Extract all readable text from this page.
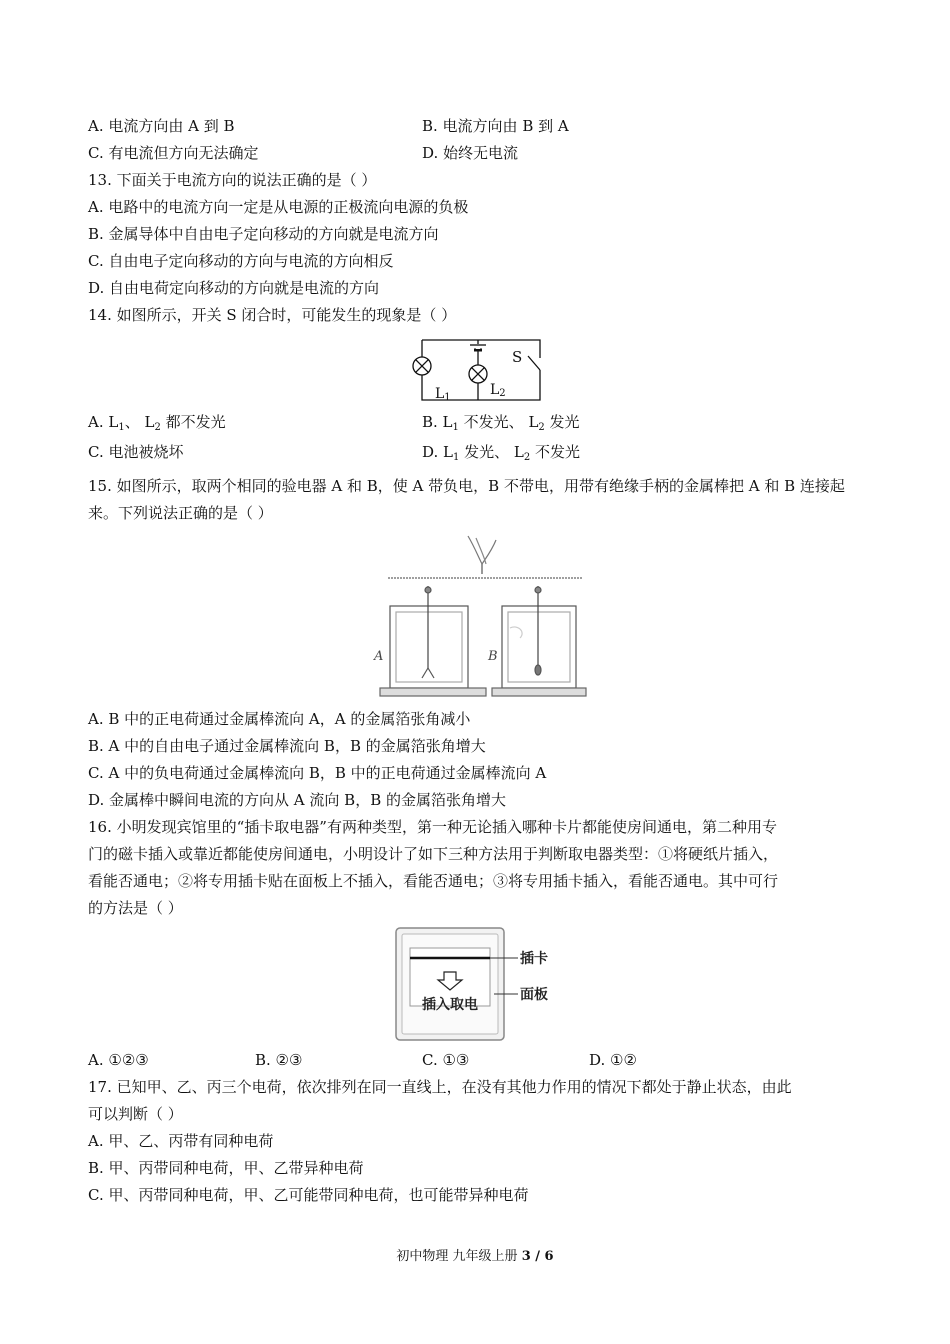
A. 电流方向由 A 到 B	B. 电流方向由 B 到 A
C. 有电流但方向无法确定	D. 始终无电流
13. 下面关于电流方向的说法正确的是（ ）
A. 电路中的电流方向一定是从电源的正极流向电源的负极
B. 金属导体中自由电子定向移动的方向就是电流方向
C. 自由电子定向移动的方向与电流的方向相反
D. 自由电荷定向移动的方向就是电流的方向
14. 如图所示，开关 S 闭合时，可能发生的现象是（ ）
S
L1	L2
A. $L_1$、 $L_2$ 都不发光	B. $L_1$ 不发光、 $L_2$ 发光
C. 电池被烧坏	D. $L_1$ 发光、 $L_2$ 不发光
15. 如图所示，取两个相同的验电器 A 和 B，使 A 带负电，B 不带电，用带有绝缘手柄的金属棒把 A 和 B 连接起来。下列说法正确的是（ ）
A	B
A. B 中的正电荷通过金属棒流向 A，A 的金属箔张角减小
B. A 中的自由电子通过金属棒流向 B，B 的金属箔张角增大
C. A 中的负电荷通过金属棒流向 B，B 中的正电荷通过金属棒流向 A
D. 金属棒中瞬间电流的方向从 A 流向 B，B 的金属箔张角增大
16. 小明发现宾馆里的“插卡取电器”有两种类型，第一种无论插入哪种卡片都能使房间通电，第二种用专
门的磁卡插入或靠近都能使房间通电，小明设计了如下三种方法用于判断取电器类型：①将硬纸片插入，
看能否通电；②将专用插卡贴在面板上不插入，看能否通电；③将专用插卡插入，看能否通电。其中可行
的方法是（ ）
插入取电
插卡
面板
A. ①②③	B. ②③	C. ①③	D. ①②
17. 已知甲、乙、丙三个电荷，依次排列在同一直线上，在没有其他力作用的情况下都处于静止状态，由此
可以判断（ ）
A. 甲、乙、丙带有同种电荷
B. 甲、丙带同种电荷，甲、乙带异种电荷
C. 甲、丙带同种电荷，甲、乙可能带同种电荷，也可能带异种电荷
初中物理 九年级上册 3 / 6
